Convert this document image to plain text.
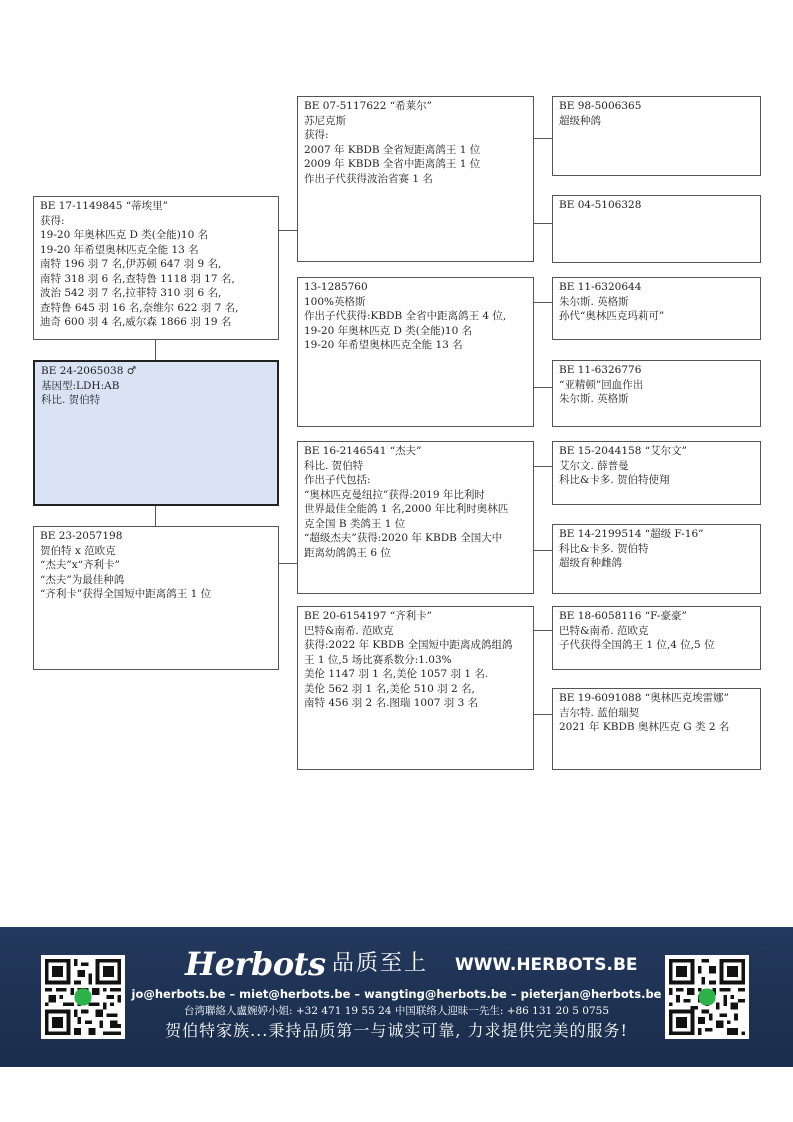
BE 17-1149845 “蒂埃里”
获得:
19-20 年奥林匹克 D 类(全能)10 名
19-20 年希望奥林匹克全能 13 名
南特 196 羽 7 名,伊苏顿 647 羽 9 名,
南特 318 羽 6 名,查特鲁 1118 羽 17 名,
波治 542 羽 7 名,拉菲特 310 羽 6 名,
查特鲁 645 羽 16 名,奈维尔 622 羽 7 名,
迪奇 600 羽 4 名,威尔森 1866 羽 19 名
BE 24-2065038 ♂
基因型:LDH:AB
科比. 贺伯特
BE 23-2057198
贺伯特 x 范欧克
“杰夫”x“齐利卡”
“杰夫”为最佳种鸽
“齐利卡”获得全国短中距离鸽王 1 位
BE 07-5117622 “希莱尔”
苏尼克斯
获得:
2007 年 KBDB 全省短距离鸽王 1 位
2009 年 KBDB 全省中距离鸽王 1 位
作出子代获得波治省赛 1 名
13-1285760
100%英格斯
作出子代获得:KBDB 全省中距离鸽王 4 位,
19-20 年奥林匹克 D 类(全能)10 名
19-20 年希望奥林匹克全能 13 名
BE 16-2146541 “杰夫”
科比. 贺伯特
作出子代包括:
“奥林匹克曼纽拉”获得:2019 年比利时
世界最佳全能鸽 1 名,2000 年比利时奥林匹
克全国 B 类鸽王 1 位
“超级杰夫”获得:2020 年 KBDB 全国大中
距离幼鸽鸽王 6 位
BE 20-6154197 “齐利卡”
巴特&南希. 范欧克
获得:2022 年 KBDB 全国短中距离成鸽组鸽
王 1 位,5 场比赛系数分:1.03%
美伦 1147 羽 1 名,美伦 1057 羽 1 名.
美伦 562 羽 1 名,美伦 510 羽 2 名,
南特 456 羽 2 名.图瑞 1007 羽 3 名
BE 98-5006365
超级种鸽
BE 04-5106328
BE 11-6320644
朱尔斯. 英格斯
孙代“奥林匹克玛莉可”
BE 11-6326776
“亚精顿”回血作出
朱尔斯. 英格斯
BE 15-2044158 “艾尔文”
艾尔文. 薛普曼
科比&卡多. 贺伯特使翔
BE 14-2199514 “超级 F-16”
科比&卡多. 贺伯特
超级育种雌鸽
BE 18-6058116 “F-豪豪”
巴特&南希. 范欧克
子代获得全国鸽王 1 位,4 位,5 位
BE 19-6091088 “奥林匹克埃雷娜”
吉尔特. 蓝伯瑞契
2021 年 KBDB 奥林匹克 G 类 2 名
Herbots 品质至上 WWW.HERBOTS.BE
jo@herbots.be – miet@herbots.be – wangting@herbots.be – pieterjan@herbots.be
台湾聯絡人盧婉婷小姐: +32 471 19 55 24 中国联络人迎昧一先生: +86 131 20 5 0755
贺伯特家族...秉持品质第一与诚实可靠, 力求提供完美的服务!
